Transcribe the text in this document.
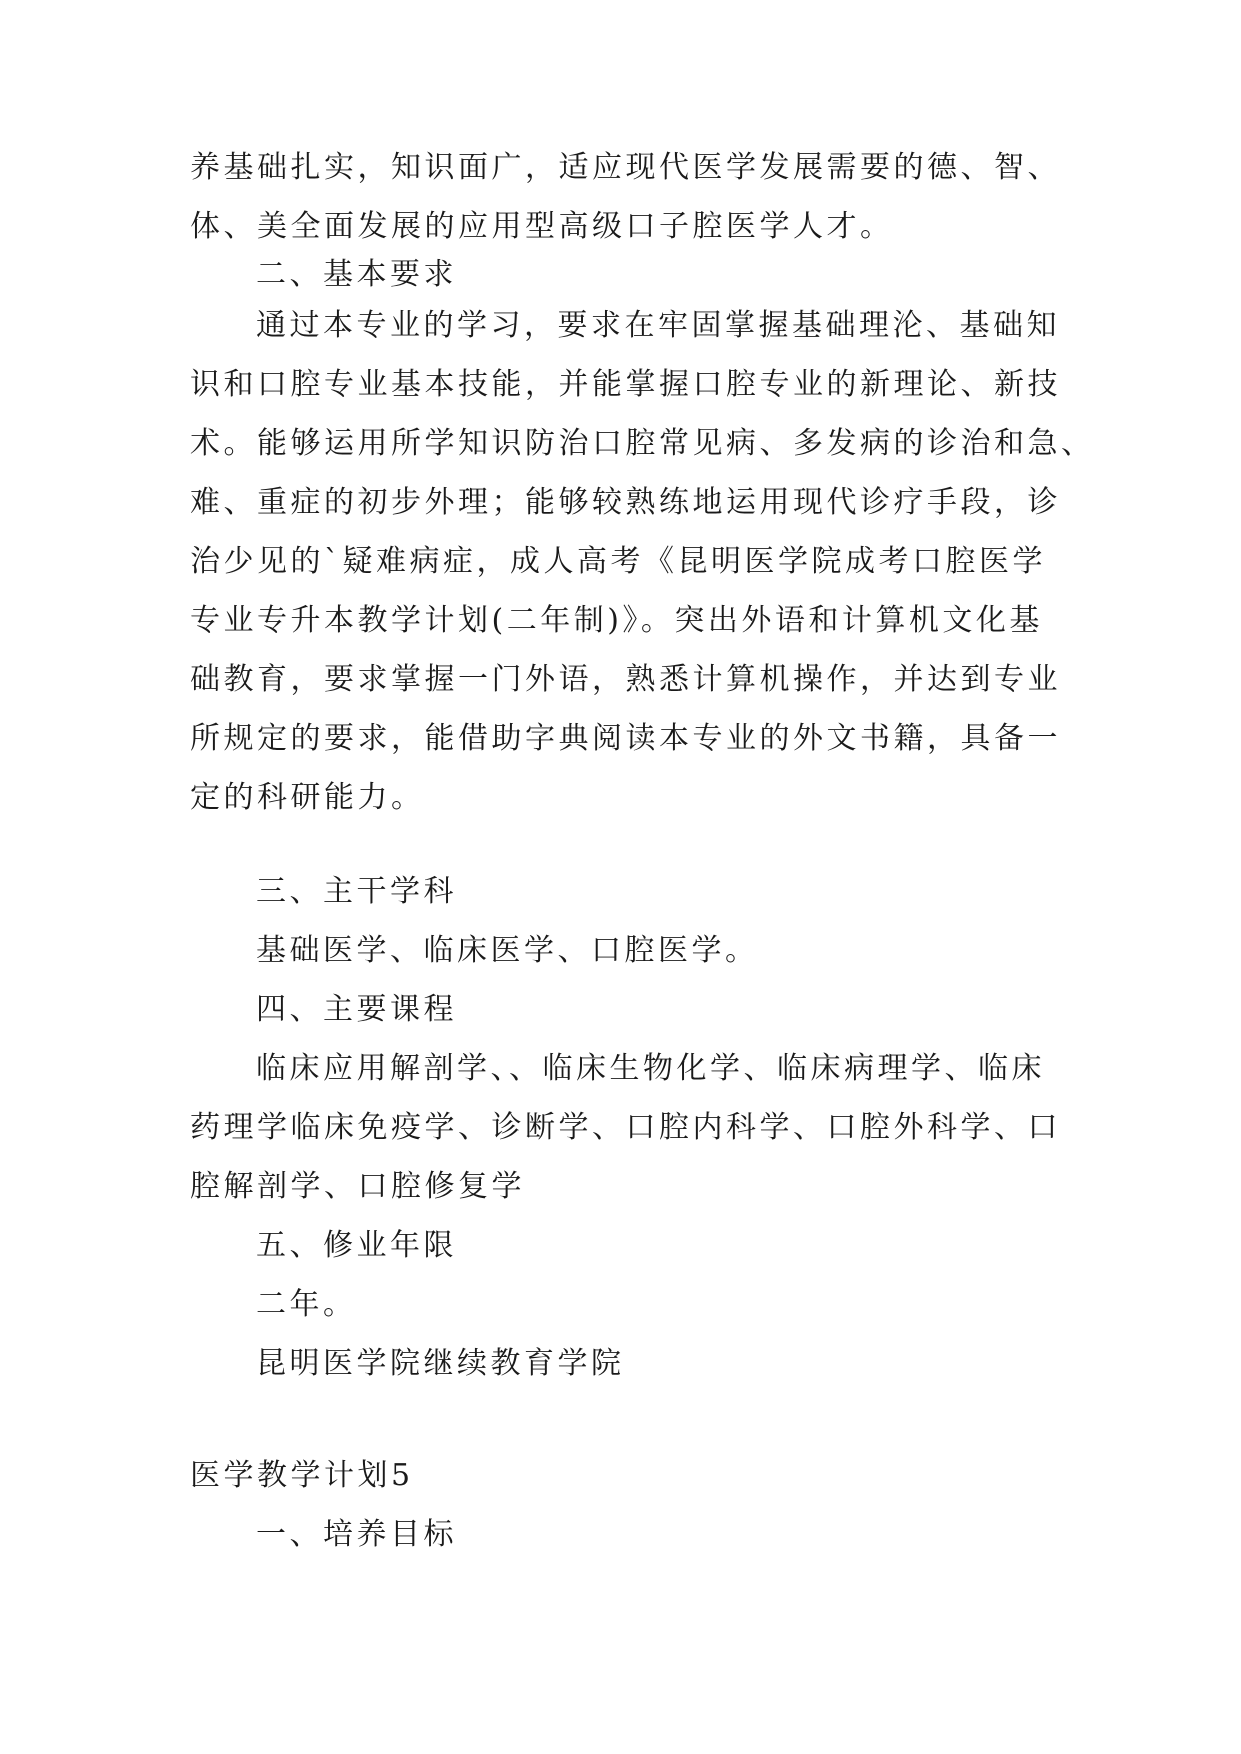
养基础扎实，知识面广，适应现代医学发展需要的德、智、
体、美全面发展的应用型高级口子腔医学人才。
二、基本要求
通过本专业的学习，要求在牢固掌握基础理沦、基础知
识和口腔专业基本技能，并能掌握口腔专业的新理论、新技
术。能够运用所学知识防治口腔常见病、多发病的诊治和急、
难、重症的初步外理；能够较熟练地运用现代诊疗手段，诊
治少见的`疑难病症，成人高考《昆明医学院成考口腔医学
专业专升本教学计划(二年制)》。突出外语和计算机文化基
础教育，要求掌握一门外语，熟悉计算机操作，并达到专业
所规定的要求，能借助字典阅读本专业的外文书籍，具备一
定的科研能力。
三、主干学科
基础医学、临床医学、口腔医学。
四、主要课程
临床应用解剖学、、临床生物化学、临床病理学、临床
药理学临床免疫学、诊断学、口腔内科学、口腔外科学、口
腔解剖学、口腔修复学
五、修业年限
二年。
昆明医学院继续教育学院
医学教学计划5
一、培养目标
